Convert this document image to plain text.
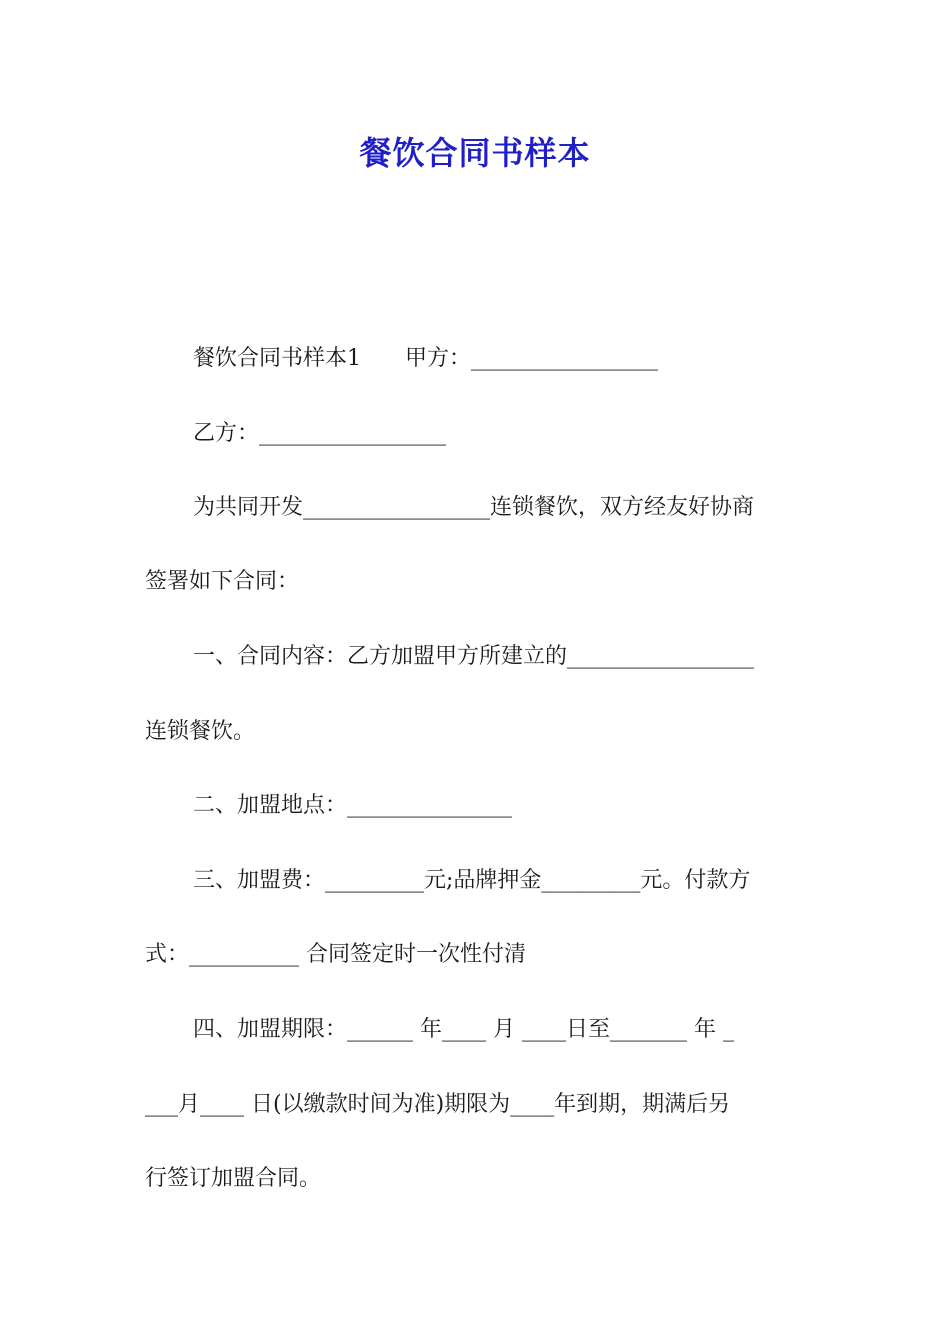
餐饮合同书样本
餐饮合同书样本1　　甲方：_________________
乙方：_________________
为共同开发_________________连锁餐饮，双方经友好协商
签署如下合同：
一、合同内容：乙方加盟甲方所建立的_________________
连锁餐饮。
二、加盟地点：_______________
三、加盟费：_________元;品牌押金_________元。付款方
式：__________ 合同签定时一次性付清
四、加盟期限：______ 年____ 月 ____日至_______ 年 _
___月____ 日(以缴款时间为准)期限为____年到期，期满后另
行签订加盟合同。
